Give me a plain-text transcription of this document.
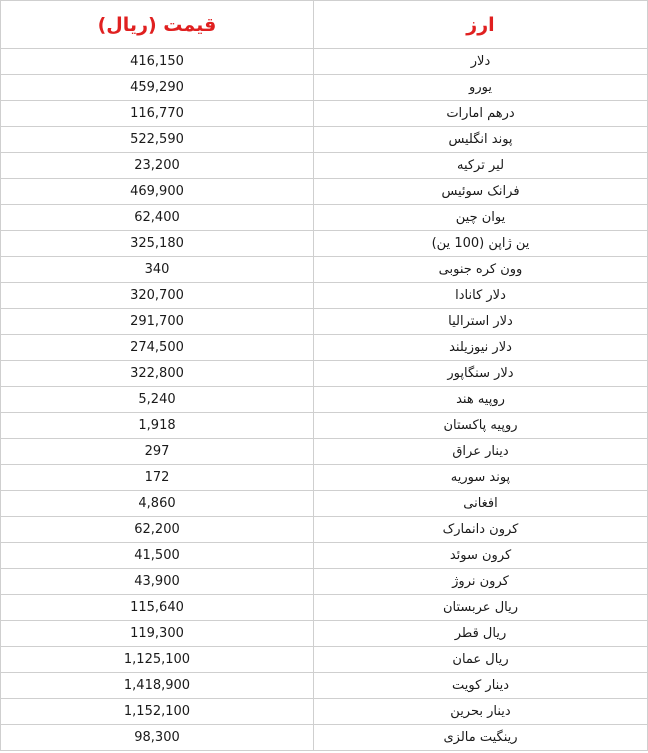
ارز	قیمت (ریال)
دلار	416,150
یورو	459,290
درهم امارات	116,770
پوند انگلیس	522,590
لیر ترکیه	23,200
فرانک سوئیس	469,900
یوان چین	62,400
ین ژاپن (100 ین)	325,180
وون کره جنوبی	340
دلار کانادا	320,700
دلار استرالیا	291,700
دلار نیوزیلند	274,500
دلار سنگاپور	322,800
روپیه هند	5,240
روپیه پاکستان	1,918
دینار عراق	297
پوند سوریه	172
افغانی	4,860
کرون دانمارک	62,200
کرون سوئد	41,500
کرون نروژ	43,900
ریال عربستان	115,640
ریال قطر	119,300
ریال عمان	1,125,100
دینار کویت	1,418,900
دینار بحرین	1,152,100
رینگیت مالزی	98,300
